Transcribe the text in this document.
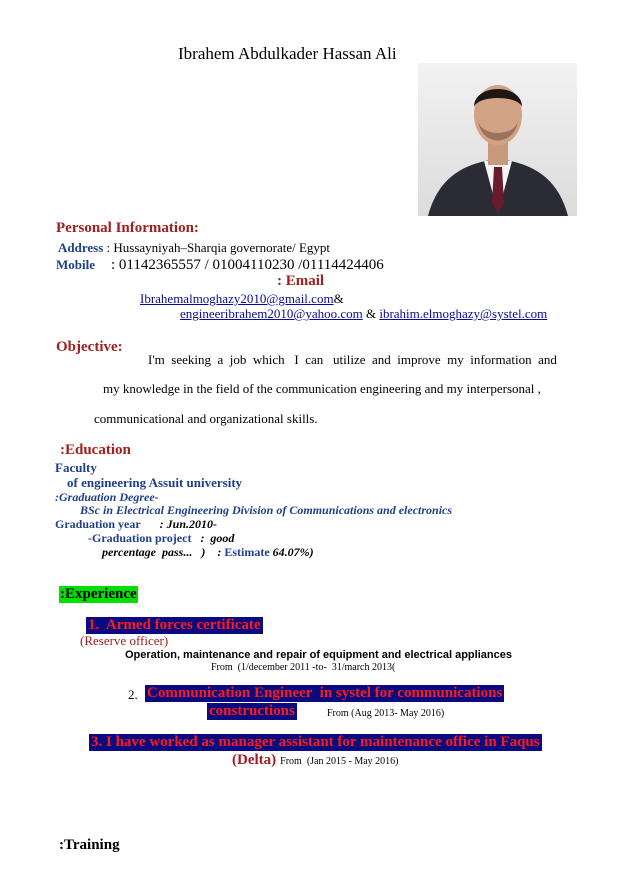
Ibrahem Abdulkader Hassan Ali
Personal Information:
Address : Hussayniyah–Sharqia governorate/ Egypt
Mobile : 01142365557 / 01004110230 /01114424406
: Email
Ibrahemalmoghazy2010@gmail.com&
engineeribrahem2010@yahoo.com & ibrahim.elmoghazy@systel.com
Objective:
I'm  seeking  a  job  which   I  can   utilize  and  improve  my  information  and
my knowledge in the field of the communication engineering and my interpersonal ,
communicational and organizational skills.
:Education
Faculty
of engineering Assuit university
:Graduation Degree-
BSc in Electrical Engineering Division of Communications and electronics
Graduation year : Jun.2010-
-Graduation project :  good
percentage  pass...   )    : Estimate 64.07%)
:Experience
1.  Armed forces certificate
(Reserve officer)
Operation, maintenance and repair of equipment and electrical appliances
From  (1/december 2011 -to-  31/march 2013(
2. Communication Engineer  in systel for communications
constructions	From (Aug 2013- May 2016)
3. I have worked as manager assistant for maintenance office in Faqus
(Delta) From  (Jan 2015 - May 2016)
:Training
